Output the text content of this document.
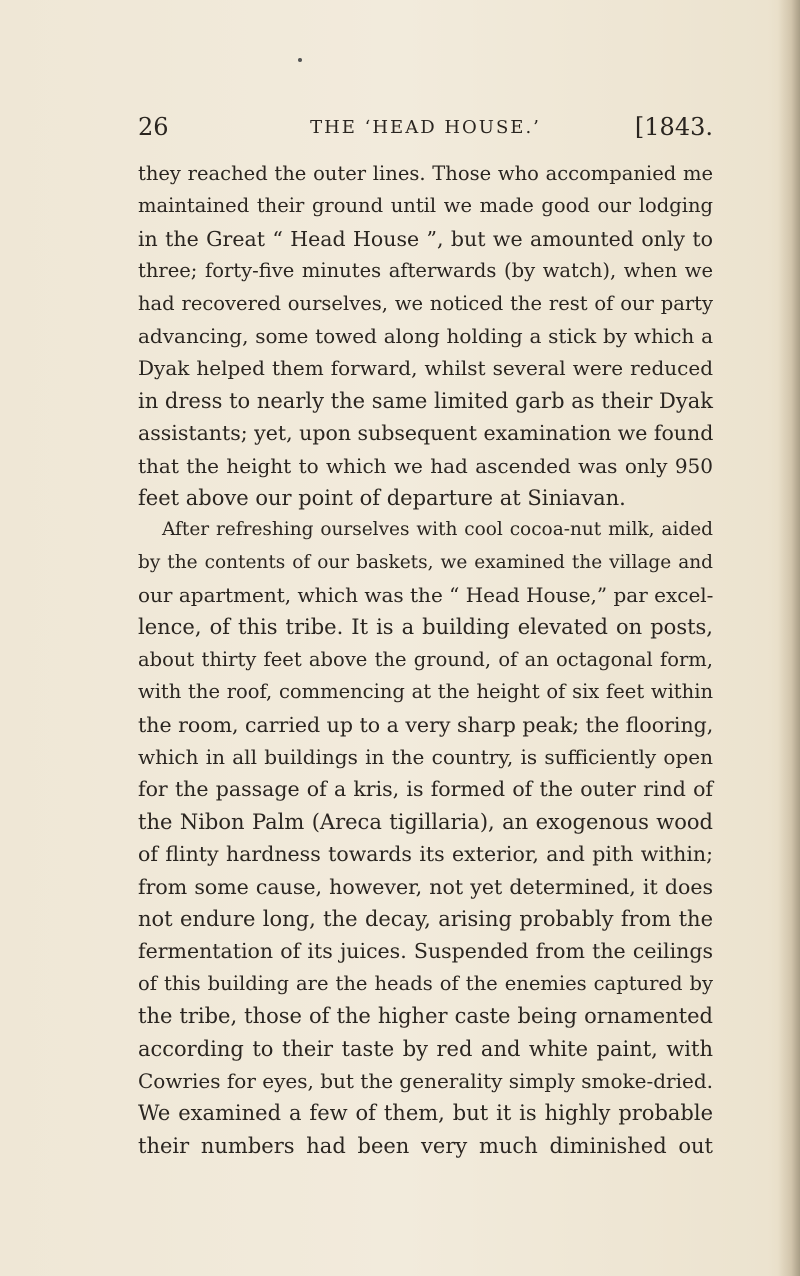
26	THE ‘HEAD HOUSE.’	[1843.
they reached the outer lines. Those who accompanied me
maintained their ground until we made good our lodging
in the Great “ Head House ”, but we amounted only to
three; forty-five minutes afterwards (by watch), when we
had recovered ourselves, we noticed the rest of our party
advancing, some towed along holding a stick by which a
Dyak helped them forward, whilst several were reduced
in dress to nearly the same limited garb as their Dyak
assistants; yet, upon subsequent examination we found
that the height to which we had ascended was only 950
feet above our point of departure at Siniavan.
After refreshing ourselves with cool cocoa-nut milk, aided
by the contents of our baskets, we examined the village and
our apartment, which was the “ Head House,” par excel-
lence, of this tribe. It is a building elevated on posts,
about thirty feet above the ground, of an octagonal form,
with the roof, commencing at the height of six feet within
the room, carried up to a very sharp peak; the flooring,
which in all buildings in the country, is sufficiently open
for the passage of a kris, is formed of the outer rind of
the Nibon Palm (Areca tigillaria), an exogenous wood
of flinty hardness towards its exterior, and pith within;
from some cause, however, not yet determined, it does
not endure long, the decay, arising probably from the
fermentation of its juices. Suspended from the ceilings
of this building are the heads of the enemies captured by
the tribe, those of the higher caste being ornamented
according to their taste by red and white paint, with
Cowries for eyes, but the generality simply smoke-dried.
We examined a few of them, but it is highly probable
their numbers had been very much diminished out
